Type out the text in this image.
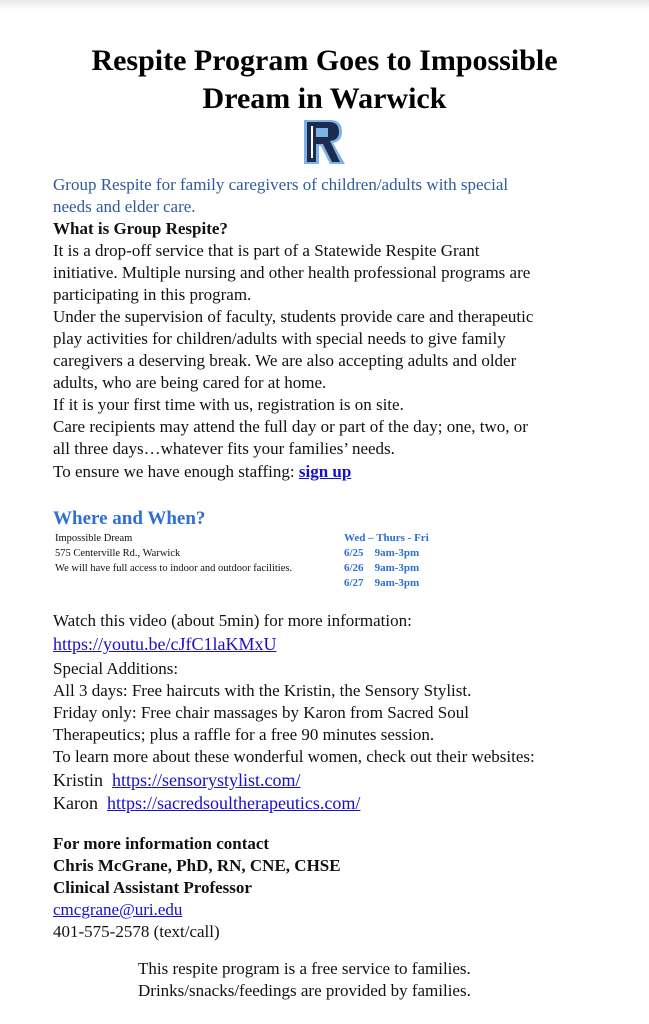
Respite Program Goes to Impossible
Dream in Warwick
Group Respite for family caregivers of children/adults with special
needs and elder care.
What is Group Respite?
It is a drop-off service that is part of a Statewide Respite Grant
initiative. Multiple nursing and other health professional programs are
participating in this program.
Under the supervision of faculty, students provide care and therapeutic
play activities for children/adults with special needs to give family
caregivers a deserving break. We are also accepting adults and older
adults, who are being cared for at home.
If it is your first time with us, registration is on site.
Care recipients may attend the full day or part of the day; one, two, or
all three days…whatever fits your families’ needs.
To ensure we have enough staffing: sign up
Where and When?
Impossible Dream
575 Centerville Rd., Warwick
We will have full access to indoor and outdoor facilities.
Wed – Thurs - Fri
6/25 9am-3pm
6/26 9am-3pm
6/27 9am-3pm
Watch this video (about 5min) for more information:
https://youtu.be/cJfC1laKMxU
Special Additions:
All 3 days: Free haircuts with the Kristin, the Sensory Stylist.
Friday only: Free chair massages by Karon from Sacred Soul
Therapeutics; plus a raffle for a free 90 minutes session.
To learn more about these wonderful women, check out their websites:
Kristin  https://sensorystylist.com/
Karon  https://sacredsoultherapeutics.com/
For more information contact
Chris McGrane, PhD, RN, CNE, CHSE
Clinical Assistant Professor
cmcgrane@uri.edu
401-575-2578 (text/call)
This respite program is a free service to families.
Drinks/snacks/feedings are provided by families.
